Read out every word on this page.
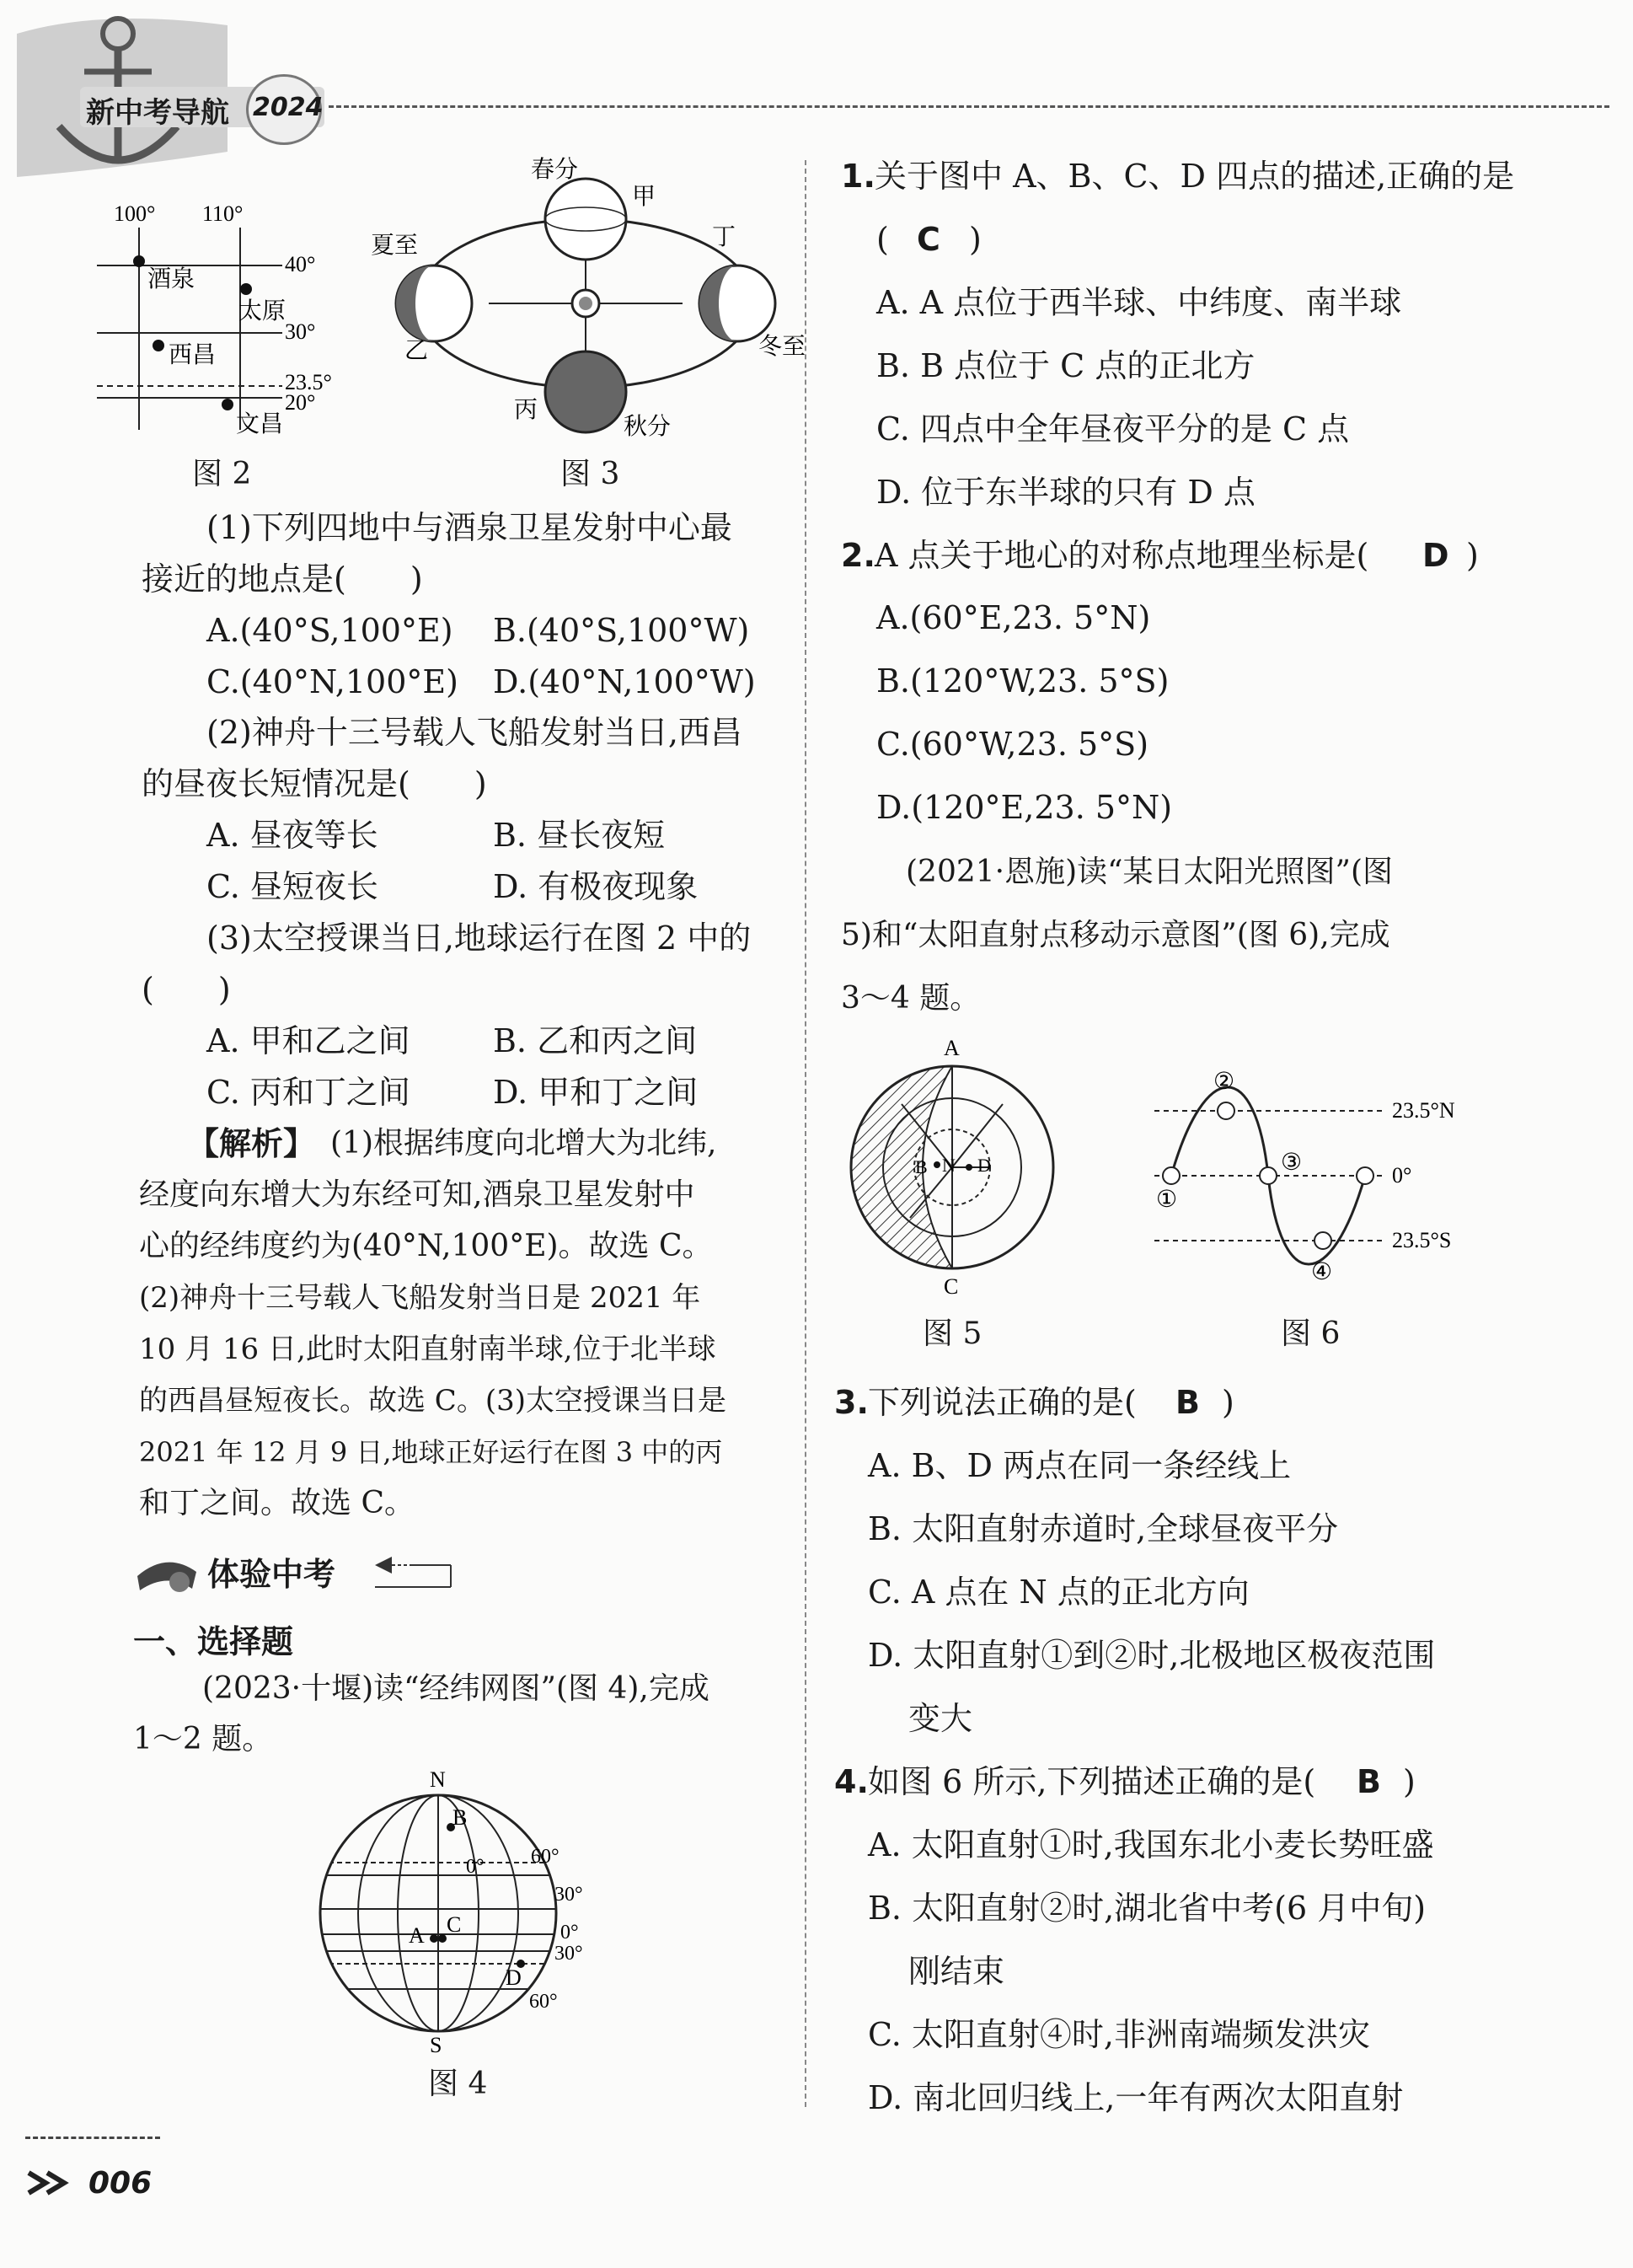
新中考导航 2024
100° 110°
40°
30°
23.5°
20°
酒泉
太原
西昌
文昌
图 2
春分
夏至
冬至
秋分
甲
乙
丙
丁
图 3
(1)下列四地中与酒泉卫星发射中心最
接近的地点是(　　)
A.(40°S,100°E) B.(40°S,100°W)
C.(40°N,100°E) D.(40°N,100°W)
(2)神舟十三号载人飞船发射当日,西昌
的昼夜长短情况是(　　)
A. 昼夜等长	B. 昼长夜短
C. 昼短夜长	D. 有极夜现象
(3)太空授课当日,地球运行在图 2 中的
(　　)
A. 甲和乙之间	B. 乙和丙之间
C. 丙和丁之间	D. 甲和丁之间
【解析】 (1)根据纬度向北增大为北纬,
经度向东增大为东经可知,酒泉卫星发射中
心的经纬度约为(40°N,100°E)。故选 C。
(2)神舟十三号载人飞船发射当日是 2021 年
10 月 16 日,此时太阳直射南半球,位于北半球
的西昌昼短夜长。故选 C。(3)太空授课当日是
2021 年 12 月 9 日,地球正好运行在图 3 中的丙
和丁之间。故选 C。
体验中考
一、选择题
(2023·十堰)读“经纬网图”(图 4),完成
1～2 题。
N
S
A
B
C
D
0° 60°
30°
0°
30°
60°
图 4
1. 关于图中 A、B、C、D 四点的描述,正确的是
( C )
A. A 点位于西半球、中纬度、南半球
B. B 点位于 C 点的正北方
C. 四点中全年昼夜平分的是 C 点
D. 位于东半球的只有 D 点
2. A 点关于地心的对称点地理坐标是( D )
A.(60°E,23. 5°N)
B.(120°W,23. 5°S)
C.(60°W,23. 5°S)
D.(120°E,23. 5°N)
(2021·恩施)读“某日太阳光照图”(图
5)和“太阳直射点移动示意图”(图 6),完成
3～4 题。
A
B N D
C
图 5
①
②
③
④
23.5°N
0°
23.5°S
图 6
3. 下列说法正确的是( B )
A. B、D 两点在同一条经线上
B. 太阳直射赤道时,全球昼夜平分
C. A 点在 N 点的正北方向
D. 太阳直射①到②时,北极地区极夜范围
变大
4. 如图 6 所示,下列描述正确的是( B )
A. 太阳直射①时,我国东北小麦长势旺盛
B. 太阳直射②时,湖北省中考(6 月中旬)
刚结束
C. 太阳直射④时,非洲南端频发洪灾
D. 南北回归线上,一年有两次太阳直射
006
